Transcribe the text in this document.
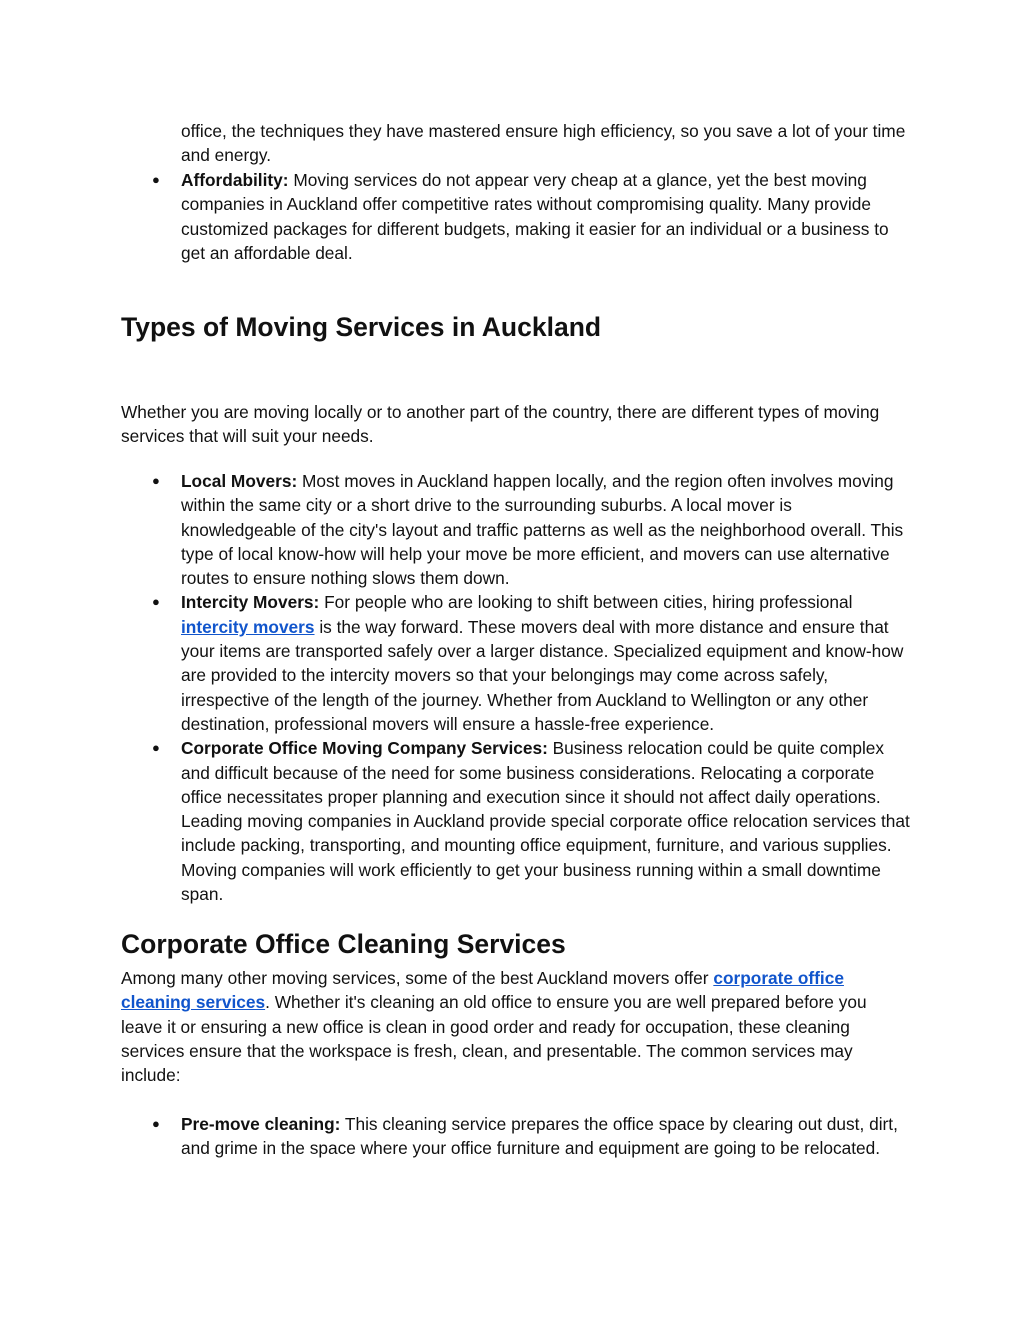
office, the techniques they have mastered ensure high efficiency, so you save a lot of your time and energy.

● Affordability: Moving services do not appear very cheap at a glance, yet the best moving companies in Auckland offer competitive rates without compromising quality. Many provide customized packages for different budgets, making it easier for an individual or a business to get an affordable deal.
Types of Moving Services in Auckland

Whether you are moving locally or to another part of the country, there are different types of moving services that will suit your needs.

● Local Movers: Most moves in Auckland happen locally, and the region often involves moving within the same city or a short drive to the surrounding suburbs. A local mover is knowledgeable of the city's layout and traffic patterns as well as the neighborhood overall. This type of local know-how will help your move be more efficient, and movers can use alternative routes to ensure nothing slows them down.
● Intercity Movers: For people who are looking to shift between cities, hiring professional intercity movers is the way forward. These movers deal with more distance and ensure that your items are transported safely over a larger distance. Specialized equipment and know-how are provided to the intercity movers so that your belongings may come across safely, irrespective of the length of the journey. Whether from Auckland to Wellington or any other destination, professional movers will ensure a hassle-free experience.
● Corporate Office Moving Company Services: Business relocation could be quite complex and difficult because of the need for some business considerations. Relocating a corporate office necessitates proper planning and execution since it should not affect daily operations. Leading moving companies in Auckland provide special corporate office relocation services that include packing, transporting, and mounting office equipment, furniture, and various supplies. Moving companies will work efficiently to get your business running within a small downtime span.
Corporate Office Cleaning Services

Among many other moving services, some of the best Auckland movers offer corporate office cleaning services. Whether it's cleaning an old office to ensure you are well prepared before you leave it or ensuring a new office is clean in good order and ready for occupation, these cleaning services ensure that the workspace is fresh, clean, and presentable. The common services may include:

● Pre-move cleaning: This cleaning service prepares the office space by clearing out dust, dirt, and grime in the space where your office furniture and equipment are going to be relocated.
